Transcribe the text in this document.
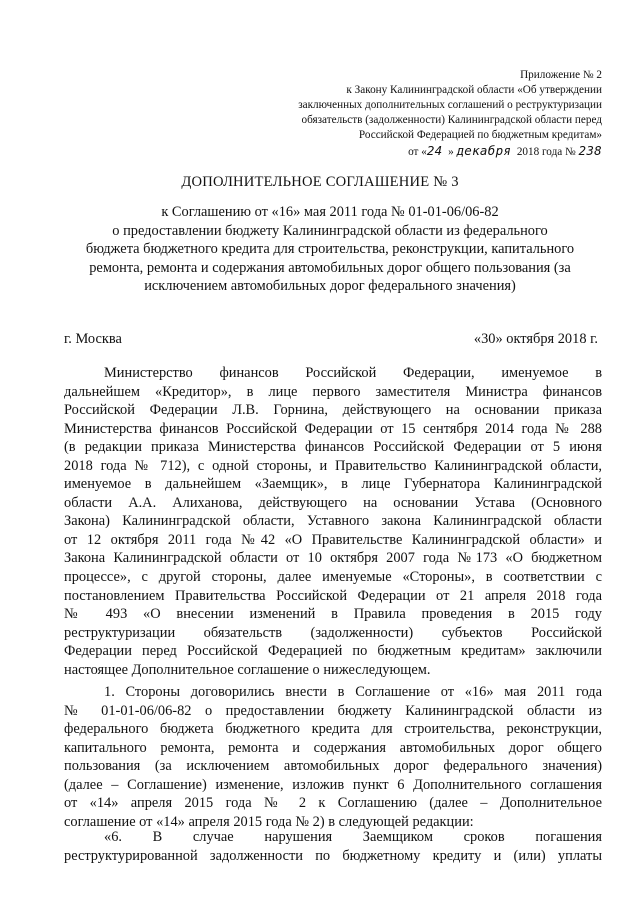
Приложение № 2
к Закону Калининградской области «Об утверждении
заключенных дополнительных соглашений о реструктуризации
обязательств (задолженности) Калининградской области перед
Российской Федерацией по бюджетным кредитам»
от «24 » декабря 2018 года № 238
ДОПОЛНИТЕЛЬНОЕ СОГЛАШЕНИЕ № 3
к Соглашению от «16» мая 2011 года № 01-01-06/06-82
о предоставлении бюджету Калининградской области из федерального
бюджета бюджетного кредита для строительства, реконструкции, капитального
ремонта, ремонта и содержания автомобильных дорог общего пользования (за
исключением автомобильных дорог федерального значения)
г. Москва	«30» октября 2018 г.
Министерство финансов Российской Федерации, именуемое в
дальнейшем «Кредитор», в лице первого заместителя Министра финансов
Российской Федерации Л.В. Горнина, действующего на основании приказа
Министерства финансов Российской Федерации от 15 сентября 2014 года № 288
(в редакции приказа Министерства финансов Российской Федерации от 5 июня
2018 года № 712), с одной стороны, и Правительство Калининградской области,
именуемое в дальнейшем «Заемщик», в лице Губернатора Калининградской
области А.А. Алиханова, действующего на основании Устава (Основного
Закона) Калининградской области, Уставного закона Калининградской области
от 12 октября 2011 года №42 «О Правительстве Калининградской области» и
Закона Калининградской области от 10 октября 2007 года №173 «О бюджетном
процессе», с другой стороны, далее именуемые «Стороны», в соответствии с
постановлением Правительства Российской Федерации от 21 апреля 2018 года
№ 493 «О внесении изменений в Правила проведения в 2015 году
реструктуризации обязательств (задолженности) субъектов Российской
Федерации перед Российской Федерацией по бюджетным кредитам» заключили
настоящее Дополнительное соглашение о нижеследующем.
1. Стороны договорились внести в Соглашение от «16» мая 2011 года
№ 01-01-06/06-82 о предоставлении бюджету Калининградской области из
федерального бюджета бюджетного кредита для строительства, реконструкции,
капитального ремонта, ремонта и содержания автомобильных дорог общего
пользования (за исключением автомобильных дорог федерального значения)
(далее – Соглашение) изменение, изложив пункт 6 Дополнительного соглашения
от «14» апреля 2015 года № 2 к Соглашению (далее – Дополнительное
соглашение от «14» апреля 2015 года № 2) в следующей редакции:
«6. В случае нарушения Заемщиком сроков погашения
реструктурированной задолженности по бюджетному кредиту и (или) уплаты
